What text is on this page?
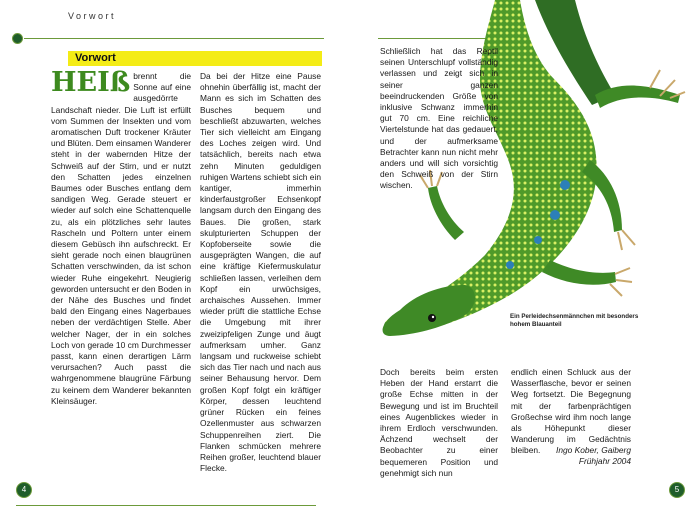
Vorwort
Vorwort
HEIß brennt die Sonne auf eine ausgedörrte Landschaft nieder. Die Luft ist erfüllt vom Summen der Insekten und vom aromatischen Duft trockener Kräuter und Blüten. Dem einsamen Wanderer steht in der wabernden Hitze der Schweiß auf der Stirn, und er nutzt den Schatten jedes einzelnen Baumes oder Busches entlang dem sandigen Weg. Gerade steuert er wieder auf solch eine Schattenquelle zu, als ein plötzliches sehr lautes Rascheln und Poltern unter einem diesem Gebüsch ihn aufschreckt. Er sieht gerade noch einen blaugrünen Schatten verschwinden, da ist schon wieder Ruhe eingekehrt. Neugierig geworden untersucht er den Boden in der Nähe des Busches und findet bald den Eingang eines Nagerbaues neben der verdächtigen Stelle. Aber welcher Nager, der in ein solches Loch von gerade 10 cm Durchmesser passt, kann einen derartigen Lärm verursachen? Auch passt die wahrgenommene blaugrüne Färbung zu keinem dem Wanderer bekannten Kleinsäuger.
Da bei der Hitze eine Pause ohnehin überfällig ist, macht der Mann es sich im Schatten des Busches bequem und beschließt abzuwarten, welches Tier sich vielleicht am Eingang des Loches zeigen wird. Und tatsächlich, bereits nach etwa zehn Minuten geduldigen ruhigen Wartens schiebt sich ein kantiger, immerhin kinderfaustgroßer Echsenkopf langsam durch den Eingang des Baues. Die großen, stark skulpturierten Schuppen der Kopfoberseite sowie die ausgeprägten Wangen, die auf eine kräftige Kiefermuskulatur schließen lassen, verleihen dem Kopf ein urwüchsiges, archaisches Aussehen. Immer wieder prüft die stattliche Echse die Umgebung mit ihrer zweizipfeligen Zunge und äugt aufmerksam umher. Ganz langsam und ruckweise schiebt sich das Tier nach und nach aus seiner Behausung hervor. Dem großen Kopf folgt ein kräftiger Körper, dessen leuchtend grüner Rücken ein feines Ozellenmuster aus schwarzen Schuppenreihen ziert. Die Flanken schmücken mehrere Reihen großer, leuchtend blauer Flecke.
Schließlich hat das Reptil seinen Unterschlupf vollständig verlassen und zeigt sich in seiner ganzen beeindruckenden Größe von inklusive Schwanz immerhin gut 70 cm. Eine reichliche Viertelstunde hat das gedauert, und der aufmerksame Betrachter kann nun nicht mehr anders und will sich vorsichtig den Schweiß von der Stirn wischen.
Ein Perleidechsenmännchen mit besonders hohem Blauanteil
Doch bereits beim ersten Heben der Hand erstarrt die große Echse mitten in der Bewegung und ist im Bruchteil eines Augenblickes wieder in ihrem Erdloch verschwunden. Ächzend wechselt der Beobachter zu einer bequemeren Position und genehmigt sich nun
endlich einen Schluck aus der Wasserflasche, bevor er seinen Weg fortsetzt. Die Begegnung mit der farbenprächtigen Großechse wird ihm noch lange als Höhepunkt dieser Wanderung im Gedächtnis bleiben.	Ingo Kober, Gaiberg
Frühjahr 2004
4	5
